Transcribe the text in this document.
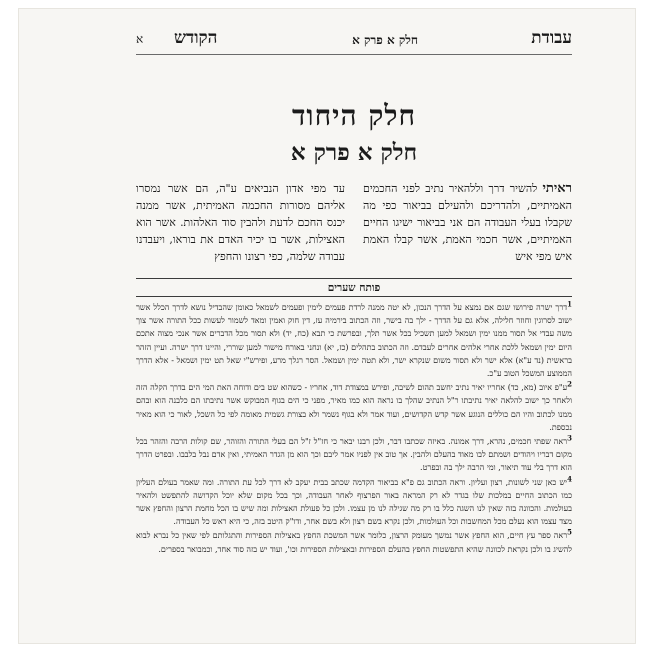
עבודת
חלק א פרק א
הקודש
א
חלק היחוד
חלק א פרק א
ראיתי להשיר דרך וללהאיר נתיב לפני החכמים האמיתיים, ולהדריכם ולהעילם בביאור כפי מה שקבלו בעלי העבודה הם אני בביאור ישיגו החיים האמיתיים, אשר חכמי האמת, אשר קבלו האמת איש מפי איש
עד מפי אדון הנביאים ע"ה, הם אשר נמסרו אליהם מסורות החכמה האמיתית, אשר ממנה יכנס החכם לדעת ולהבין סוד האלהות. אשר הוא האצילות, אשר בו יכיר האדם את בוראו, ויעבדנו עבודה שלמה, כפי רצונו והחפץ
פותח שערים

1דרך ישרה פירושו שגם אם נמצא על הדרך הנכון, לא יטה ממנה לרדת פעמים לימין ופעמים לשמאל כאומן שהבדיל נושא לדרך הכלל אשר ישוב לסרוגין וחוזר חלילה, אלא גם על הדרך - ילך בה בישר, וזה הכתוב בירמיה עז, דין חוק ואמין ומאד לשמור לעשות ככל התורה אשר צוך משה עבדי אל תסור ממנו ימין ושמאל למען תשכיל בכל אשר תלך, ובפרשת כי תבא (כח, יד) ולא תסור מכל הדברים אשר אנכי מצוה אתכם היום ימין ושמאל ללכת אחרי אלהים אחרים לעבדם. וזה הכתוב בתהלים (כז, יא) ונחני באורח מישור למען שוררי, והיינו דרך ישרה. ועיין הזהר בראשית (נד ע"א) אלא ישר ולא תסור משום שנקרא ישר, ולא תטה ימין ושמאל. הסר רגלך מרע, ופירש"י שאל תט ימין ושמאל - אלא הדרך הממוצע המשכל הטוב ע"כ.

2ע"פ איוב (מא, כד) אחריו יאיר נתיב יחשב תהום לשיבה, ופירש במצודת דוד, אחריו - כשהוא שט בים ודוחה האת המי הים בדרך הקלה הזה ולאחר כך ישוב להלאה יאיר נתיבתו ר"ל הנתיב שהלך בו נראה הוא כמו מאיר, מפני כי הים בגוף המבוקש אשר נתיבתו הם כלבנה הוא ובהם ממנו לכתוב והיו הם כוללים הנוגע אשר קדש הקדושים, ועוד אמר ולא בגוף נשמר ולא בצורת גשמית מאומה לפי כל השכל, לאור כי הוא מאיר נכספת.

3ראה שפתי חכמים, נהרא, דרך אמונה. באיזה שכתבו דבר, ולכן רבנו יבאר כי חז"ל ז"ל הם בעלי התורה והזוהר, שם קולות הרבה והזהר בכל מקום דבריו ויהודים ושמתם לבו מאוד בהעלם ולהבין. אך טוב אין לפניו אמר ליבם וכך הוא מן הגדר האמיתי, ואין אדם נבל בלבבו. ובפרט הדרך הוא דרך בלי עוד תיאור, ומי הרבה ילך בה ובפרט.

4יש כאן שני לשונות, רצון ועליון. וראה הכתוב גם פ"א בביאור הקדמה שכתב בבית יעקב לא דרך לכל עת התורה. ומה שאמר בעולם העליון כמו הכתוב החיים במלכות שלו בגדר לא רק המראה באור הפרצוף לאחר העבודה, וכך בכל מקום שלא יוכל הקדושה להתפשט ולהאיר בעולמות. והכוונה בזה שאין לנו השגה כלל בו רק מה שגילה לנו מן עצמו. ולכן כל פעולת האצילות ומה שיש בו הכל מחמת הרצון והחפץ אשר מצד עצמו הוא נעלם מכל המחשבות וכל העולמות, ולכן נקרא בשם רצון ולא בשם אחר, ודו"ק היטב בזה, כי היא ראש כל העבודה.

5ראה ספר עץ חיים, הוא החפץ אשר נמשך מעומק הרצון, כלומר אשר המשכת החפץ באצילות הספירות והתגלותם לפי שאין כל נברא לבוא להשיג בו ולכן נקראת לכוונה שהיא התפשטות החפץ בהעלם הספירות ובאצילות הספירות וכו', ועוד יש בזה סוד אחד, וכמבואר בספרים.
